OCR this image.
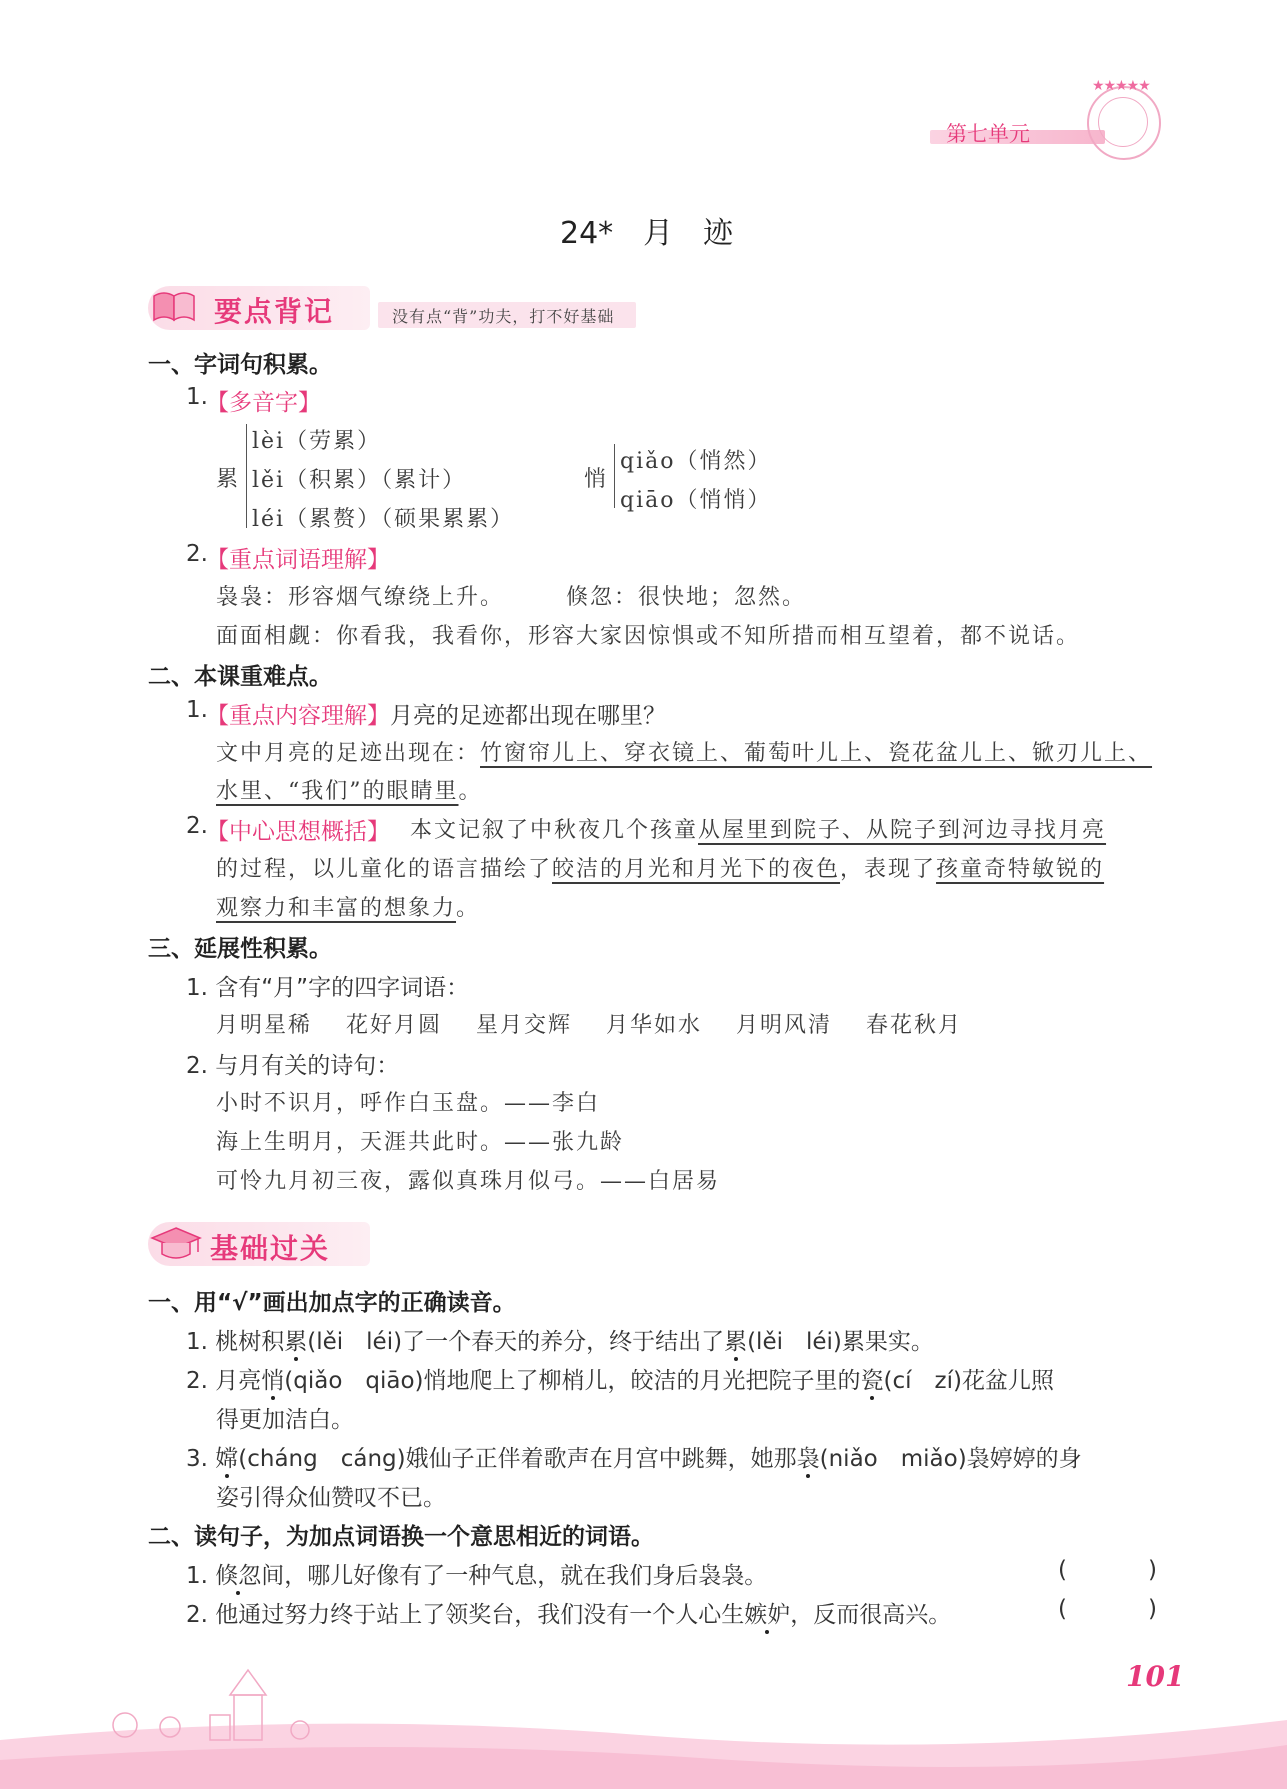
第七单元
★★★★★
24*　月　迹
要点背记	没有点“背”功夫，打不好基础
一、字词句积累。
1.
【多音字】
累
lèi（劳累）
lěi（积累）（累计）
léi（累赘）（硕果累累）
悄
qiǎo（悄然）
qiāo（悄悄）
2.
【重点词语理解】
袅袅：形容烟气缭绕上升。	倏忽：很快地；忽然。
面面相觑：你看我，我看你，形容大家因惊惧或不知所措而相互望着，都不说话。
二、本课重难点。
1.
【重点内容理解】月亮的足迹都出现在哪里？
文中月亮的足迹出现在：竹窗帘儿上、穿衣镜上、葡萄叶儿上、瓷花盆儿上、锨刃儿上、
水里、“我们”的眼睛里。
2.
【中心思想概括】 本文记叙了中秋夜几个孩童从屋里到院子、从院子到河边寻找月亮
的过程，以儿童化的语言描绘了皎洁的月光和月光下的夜色，表现了孩童奇特敏锐的
观察力和丰富的想象力。
三、延展性积累。
1. 含有“月”字的四字词语：
月明星稀 花好月圆 星月交辉 月华如水 月明风清 春花秋月
2. 与月有关的诗句：
小时不识月，呼作白玉盘。——李白
海上生明月，天涯共此时。——张九龄
可怜九月初三夜，露似真珠月似弓。——白居易
基础过关
一、用“√”画出加点字的正确读音。
1. 桃树积累(lěi　léi)了一个春天的养分，终于结出了累(lěi　léi)累果实。
2. 月亮悄(qiǎo　qiāo)悄地爬上了柳梢儿，皎洁的月光把院子里的瓷(cí　zí)花盆儿照
得更加洁白。
3. 嫦(cháng　cáng)娥仙子正伴着歌声在月宫中跳舞，她那袅(niǎo　miǎo)袅婷婷的身
姿引得众仙赞叹不已。
二、读句子，为加点词语换一个意思相近的词语。
1. 倏忽间，哪儿好像有了一种气息，就在我们身后袅袅。	(	)
2. 他通过努力终于站上了领奖台，我们没有一个人心生嫉妒，反而很高兴。	(	)
101
